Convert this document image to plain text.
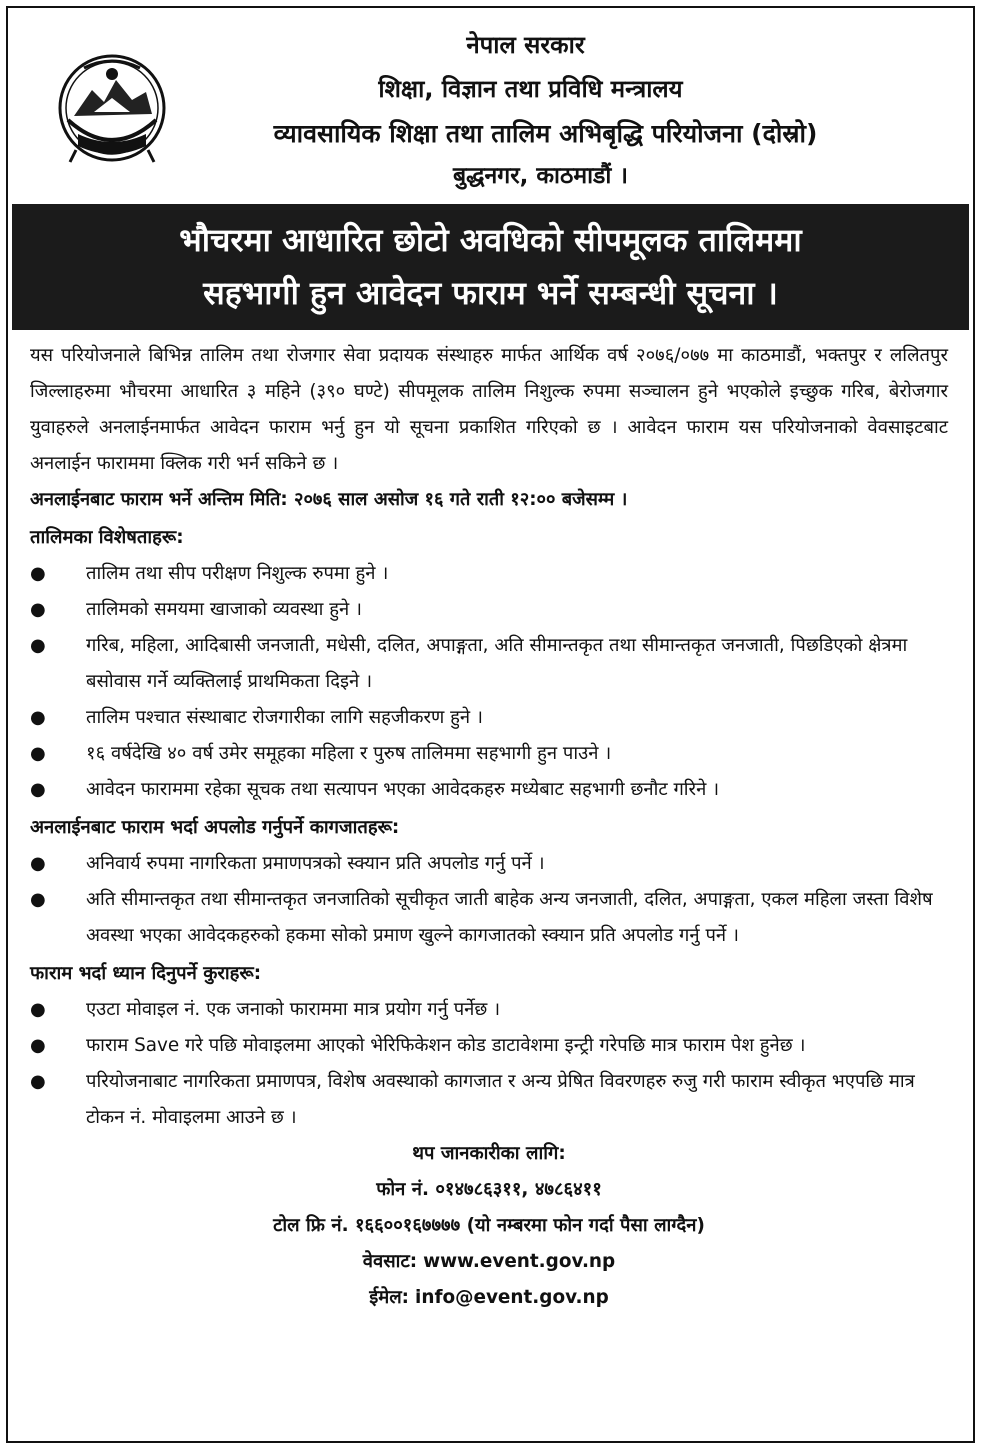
नेपाल सरकार
शिक्षा, विज्ञान तथा प्रविधि मन्त्रालय
व्यावसायिक शिक्षा तथा तालिम अभिबृद्धि परियोजना (दोस्रो)
बुद्धनगर, काठमाडौं ।
भौचरमा आधारित छोटो अवधिको सीपमूलक तालिममा
सहभागी हुन आवेदन फाराम भर्ने सम्बन्धी सूचना ।

यस परियोजनाले बिभिन्न तालिम तथा रोजगार सेवा प्रदायक संस्थाहरु मार्फत आर्थिक वर्ष २०७६/०७७ मा काठमाडौं, भक्तपुर र ललितपुर जिल्लाहरुमा भौचरमा आधारित ३ महिने (३९० घण्टे) सीपमूलक तालिम निशुल्क रुपमा सञ्चालन हुने भएकोले इच्छुक गरिब, बेरोजगार युवाहरुले अनलाईनमार्फत आवेदन फाराम भर्नु हुन यो सूचना प्रकाशित गरिएको छ । आवेदन फाराम यस परियोजनाको वेवसाइटबाट अनलाईन फाराममा क्लिक गरी भर्न सकिने छ ।

अनलाईनबाट फाराम भर्ने अन्तिम मिति: २०७६ साल असोज १६ गते राती १२:०० बजेसम्म ।

तालिमका विशेषताहरू:

● तालिम तथा सीप परीक्षण निशुल्क रुपमा हुने ।
● तालिमको समयमा खाजाको व्यवस्था हुने ।
● गरिब, महिला, आदिबासी जनजाती, मधेसी, दलित, अपाङ्गता, अति सीमान्तकृत तथा सीमान्तकृत जनजाती, पिछडिएको क्षेत्रमा बसोवास गर्ने व्यक्तिलाई प्राथमिकता दिइने ।
● तालिम पश्चात संस्थाबाट रोजगारीका लागि सहजीकरण हुने ।
● १६ वर्षदेखि ४० वर्ष उमेर समूहका महिला र पुरुष तालिममा सहभागी हुन पाउने ।
● आवेदन फाराममा रहेका सूचक तथा सत्यापन भएका आवेदकहरु मध्येबाट सहभागी छनौट गरिने ।

अनलाईनबाट फाराम भर्दा अपलोड गर्नुपर्ने कागजातहरू:

● अनिवार्य रुपमा नागरिकता प्रमाणपत्रको स्क्यान प्रति अपलोड गर्नु पर्ने ।
● अति सीमान्तकृत तथा सीमान्तकृत जनजातिको सूचीकृत जाती बाहेक अन्य जनजाती, दलित, अपाङ्गता, एकल महिला जस्ता विशेष अवस्था भएका आवेदकहरुको हकमा सोको प्रमाण खुल्ने कागजातको स्क्यान प्रति अपलोड गर्नु पर्ने ।

फाराम भर्दा ध्यान दिनुपर्ने कुराहरू:

● एउटा मोवाइल नं. एक जनाको फाराममा मात्र प्रयोग गर्नु पर्नेछ ।
● फाराम Save गरे पछि मोवाइलमा आएको भेरिफिकेशन कोड डाटावेशमा इन्ट्री गरेपछि मात्र फाराम पेश हुनेछ ।
● परियोजनाबाट नागरिकता प्रमाणपत्र, विशेष अवस्थाको कागजात र अन्य प्रेषित विवरणहरु रुजु गरी फाराम स्वीकृत भएपछि मात्र टोकन नं. मोवाइलमा आउने छ ।

थप जानकारीका लागि:

फोन नं. ०१४७८६३११, ४७८६४११

टोल फ्रि नं. १६६००१६७७७७ (यो नम्बरमा फोन गर्दा पैसा लाग्दैन)

वेवसाट: www.event.gov.np

ईमेल: info@event.gov.np
